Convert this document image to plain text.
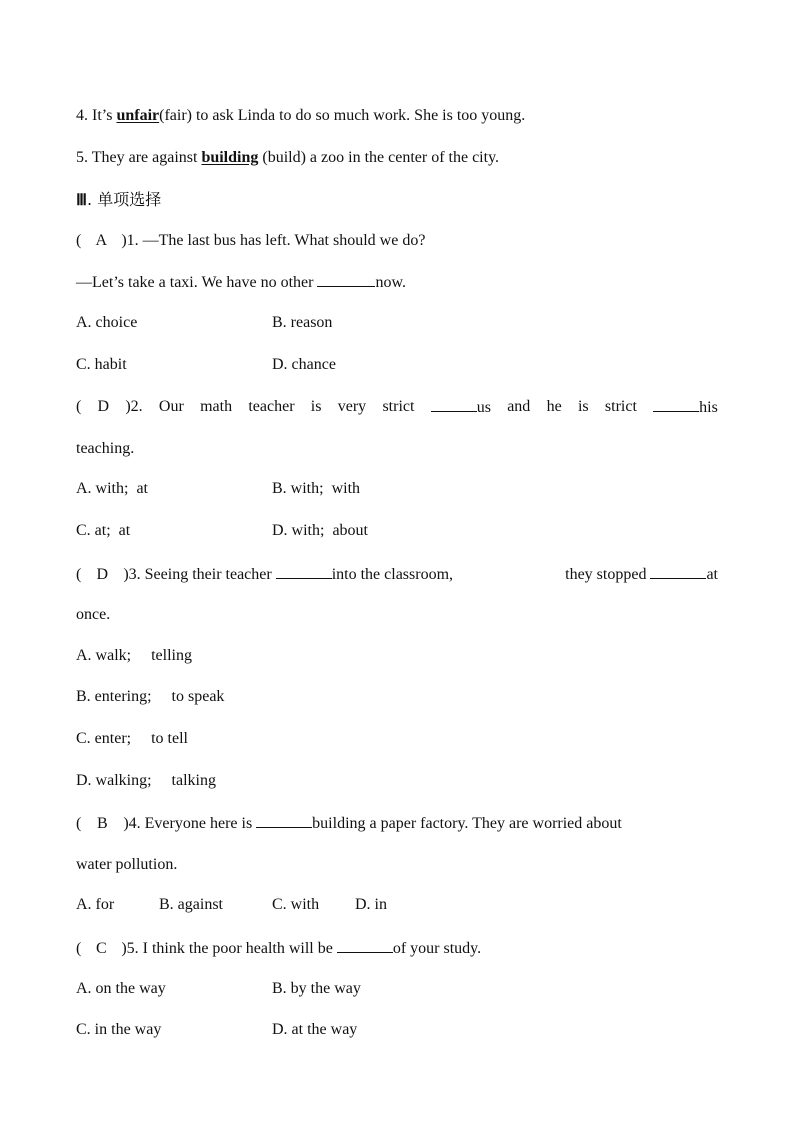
4. It’s unfair(fair) to ask Linda to do so much work. She is too young.
5. They are against building (build) a zoo in the center of the city.
Ⅲ. 单项选择
( A )1. —The last bus has left. What should we do?
—Let’s take a taxi. We have no other	now.
A. choice	B. reason
C. habit	D. chance
( D )2. Our math teacher is very strict	us and he is strict	his
teaching.
A. with;  at	B. with;  with
C. at;  at	D. with;  about
( D )3. Seeing their teacher	into the classroom,	they stopped	at
once.
A. walk;     telling
B. entering;     to speak
C. enter;     to tell
D. walking;     talking
( B )4. Everyone here is	building a paper factory. They are worried about
water pollution.
A. for	B. against	C. with D. in
( C )5. I think the poor health will be	of your study.
A. on the way	B. by the way
C. in the way	D. at the way
